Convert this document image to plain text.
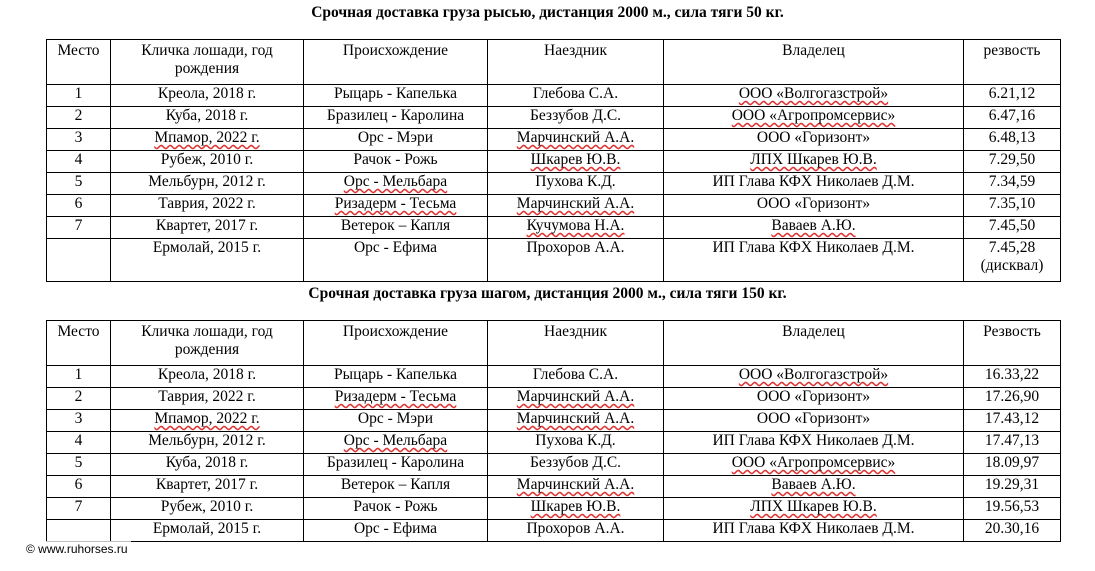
Срочная доставка груза рысью, дистанция 2000 м., сила тяги 50 кг.
Место	Кличка лошади, год рождения	Происхождение	Наездник	Владелец	резвость
1	Креола, 2018 г.	Рыцарь - Капелька	Глебова С.А.	ООО «Волгогазстрой»	6.21,12
2	Куба, 2018 г.	Бразилец - Каролина	Беззубов Д.С.	ООО «Агропромсервис»	6.47,16
3	Мпамор, 2022 г.	Орс - Мэри	Марчинский А.А.	ООО «Горизонт»	6.48,13
4	Рубеж, 2010 г.	Рачок - Рожь	Шкарев Ю.В.	ЛПХ Шкарев Ю.В.	7.29,50
5	Мельбурн, 2012 г.	Орс - Мельбара	Пухова К.Д.	ИП Глава КФХ Николаев Д.М.	7.34,59
6	Таврия, 2022 г.	Ризадерм - Тесьма	Марчинский А.А.	ООО «Горизонт»	7.35,10
7	Квартет, 2017 г.	Ветерок – Капля	Кучумова Н.А.	Ваваев А.Ю.	7.45,50
	Ермолай, 2015 г.	Орс - Ефима	Прохоров А.А.	ИП Глава КФХ Николаев Д.М.	7.45,28 (дисквал)
Срочная доставка груза шагом, дистанция 2000 м., сила тяги 150 кг.
Место	Кличка лошади, год рождения	Происхождение	Наездник	Владелец	Резвость
1	Креола, 2018 г.	Рыцарь - Капелька	Глебова С.А.	ООО «Волгогазстрой»	16.33,22
2	Таврия, 2022 г.	Ризадерм - Тесьма	Марчинский А.А.	ООО «Горизонт»	17.26,90
3	Мпамор, 2022 г.	Орс - Мэри	Марчинский А.А.	ООО «Горизонт»	17.43,12
4	Мельбурн, 2012 г.	Орс - Мельбара	Пухова К.Д.	ИП Глава КФХ Николаев Д.М.	17.47,13
5	Куба, 2018 г.	Бразилец - Каролина	Беззубов Д.С.	ООО «Агропромсервис»	18.09,97
6	Квартет, 2017 г.	Ветерок – Капля	Марчинский А.А.	Ваваев А.Ю.	19.29,31
7	Рубеж, 2010 г.	Рачок - Рожь	Шкарев Ю.В.	ЛПХ Шкарев Ю.В.	19.56,53
	Ермолай, 2015 г.	Орс - Ефима	Прохоров А.А.	ИП Глава КФХ Николаев Д.М.	20.30,16
© www.ruhorses.ru
